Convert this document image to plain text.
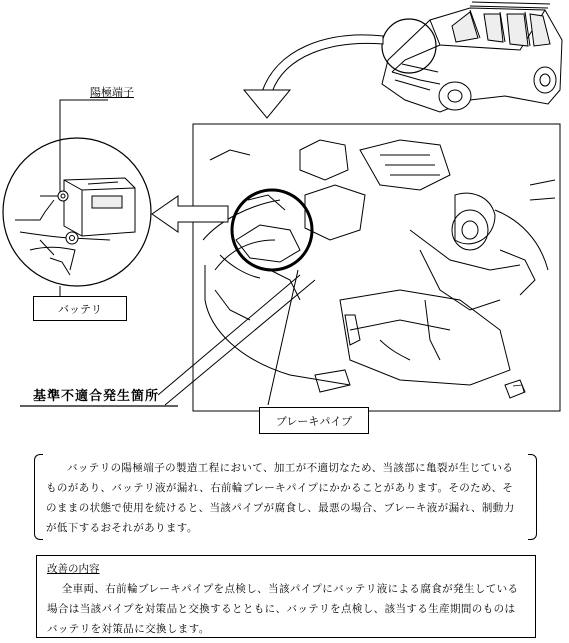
陽極端子
バッテリ
基準不適合発生箇所
ブレーキパイプ

バッテリの陽極端子の製造工程において、加工が不適切なため、当該部に亀裂が生じているものがあり、バッテリ液が漏れ、右前輪ブレーキパイプにかかることがあります。そのため、そのままの状態で使用を続けると、当該パイプが腐食し、最悪の場合、ブレーキ液が漏れ、制動力が低下するおそれがあります。

改善の内容

全車両、右前輪ブレーキパイプを点検し、当該パイプにバッテリ液による腐食が発生している場合は当該パイプを対策品と交換するとともに、バッテリを点検し、該当する生産期間のものはバッテリを対策品に交換します。
